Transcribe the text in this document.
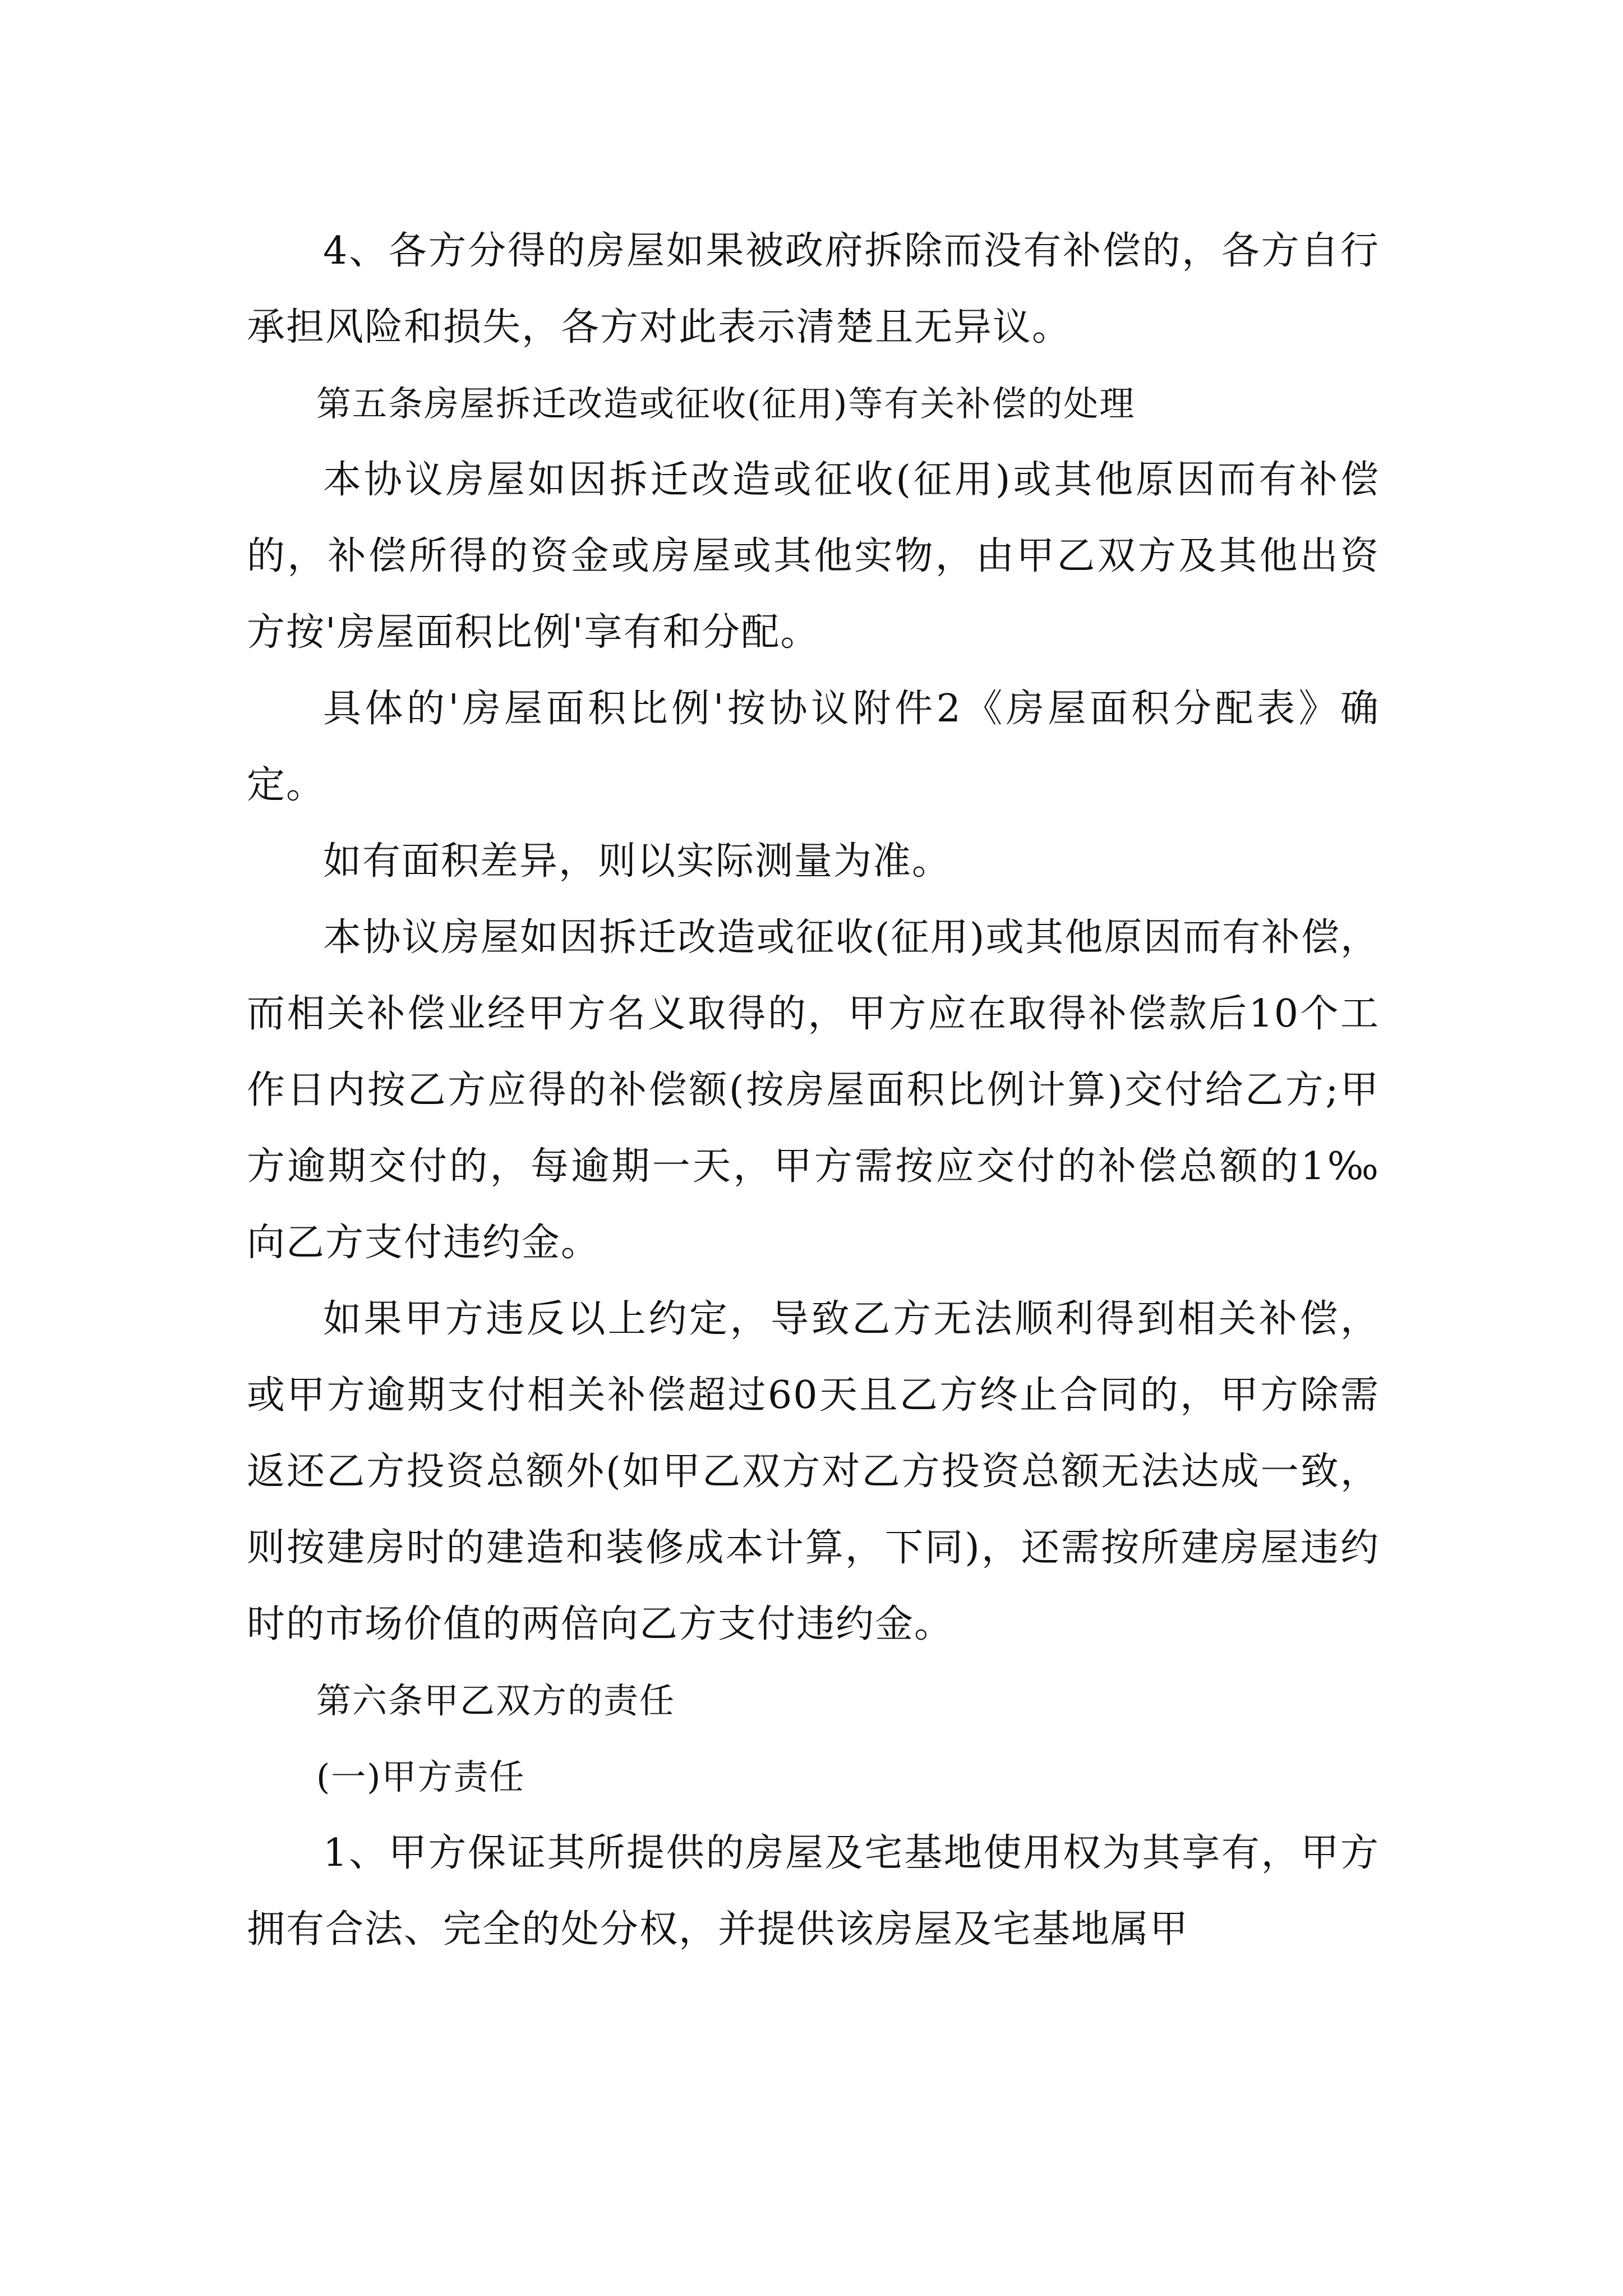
4、各方分得的房屋如果被政府拆除而没有补偿的，各方自行承担风险和损失，各方对此表示清楚且无异议。

第五条房屋拆迁改造或征收(征用)等有关补偿的处理

本协议房屋如因拆迁改造或征收(征用)或其他原因而有补偿的，补偿所得的资金或房屋或其他实物，由甲乙双方及其他出资方按'房屋面积比例'享有和分配。

具体的'房屋面积比例'按协议附件2《房屋面积分配表》确定。

如有面积差异，则以实际测量为准。

本协议房屋如因拆迁改造或征收(征用)或其他原因而有补偿，而相关补偿业经甲方名义取得的，甲方应在取得补偿款后10个工作日内按乙方应得的补偿额(按房屋面积比例计算)交付给乙方;甲方逾期交付的，每逾期一天，甲方需按应交付的补偿总额的1‰向乙方支付违约金。

如果甲方违反以上约定，导致乙方无法顺利得到相关补偿，或甲方逾期支付相关补偿超过60天且乙方终止合同的，甲方除需返还乙方投资总额外(如甲乙双方对乙方投资总额无法达成一致，则按建房时的建造和装修成本计算，下同)，还需按所建房屋违约时的市场价值的两倍向乙方支付违约金。

第六条甲乙双方的责任

(一)甲方责任

1、甲方保证其所提供的房屋及宅基地使用权为其享有，甲方拥有合法、完全的处分权，并提供该房屋及宅基地属甲
